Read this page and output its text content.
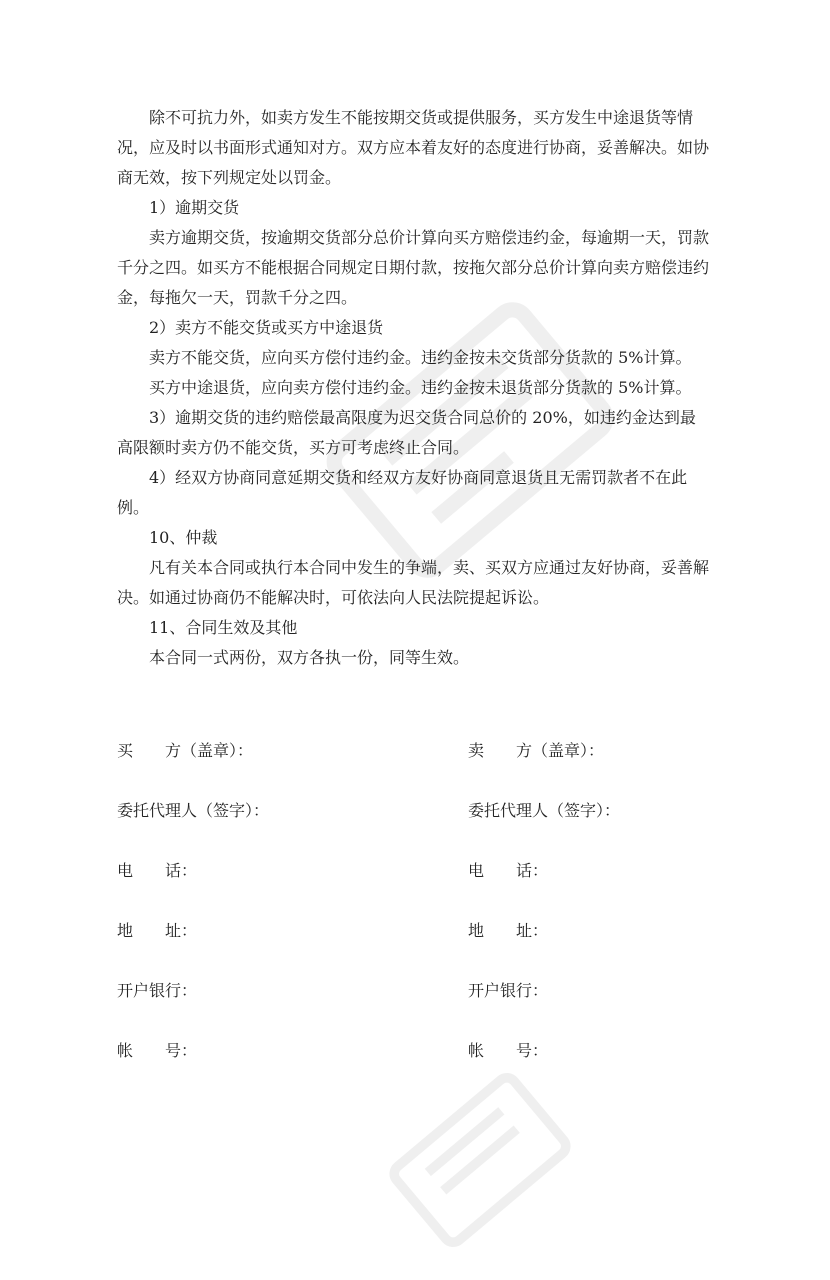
除不可抗力外，如卖方发生不能按期交货或提供服务，买方发生中途退货等情况，应及时以书面形式通知对方。双方应本着友好的态度进行协商，妥善解决。如协商无效，按下列规定处以罚金。

1）逾期交货

卖方逾期交货，按逾期交货部分总价计算向买方赔偿违约金，每逾期一天，罚款千分之四。如买方不能根据合同规定日期付款，按拖欠部分总价计算向卖方赔偿违约金，每拖欠一天，罚款千分之四。

2）卖方不能交货或买方中途退货

卖方不能交货，应向买方偿付违约金。违约金按未交货部分货款的 5%计算。

买方中途退货，应向卖方偿付违约金。违约金按未退货部分货款的 5%计算。

3）逾期交货的违约赔偿最高限度为迟交货合同总价的 20%，如违约金达到最高限额时卖方仍不能交货，买方可考虑终止合同。

4）经双方协商同意延期交货和经双方友好协商同意退货且无需罚款者不在此例。

10、仲裁

凡有关本合同或执行本合同中发生的争端，卖、买双方应通过友好协商，妥善解决。如通过协商仍不能解决时，可依法向人民法院提起诉讼。

11、合同生效及其他

本合同一式两份，双方各执一份，同等生效。

买　　方（盖章）：	卖　　方（盖章）：
委托代理人（签字）：	委托代理人（签字）：
电　　话：	电　　话：
地　　址：	地　　址：
开户银行：	开户银行：
帐　　号：	帐　　号：
